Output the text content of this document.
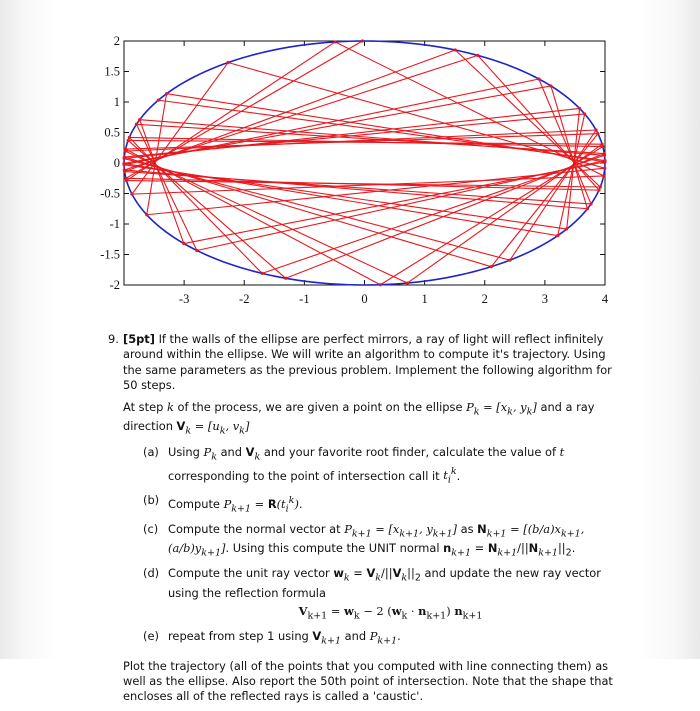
-3	-2	-1	0	1	2	3	4
2
1.5
1
0.5
0
-0.5
-1
-1.5
-2
9. [5pt] If the walls of the ellipse are perfect mirrors, a ray of light will reflect infinitely around within the ellipse. We will write an algorithm to compute it's trajectory. Using the same parameters as the previous problem. Implement the following algorithm for 50 steps.

At step k of the process, we are given a point on the ellipse $P_k = [x_k$, $y_k$] and a ray direction $V_k = [u_k$, $v_k$]

(a) Using $P_k$ and $V_k$ and your favorite root finder, calculate the value of t corresponding to the point of intersection call it $t_i^k$.
(b) Compute $P_{k+1} = R(t_i^k)$.
(c) Compute the normal vector at $P_{k+1} = [x_{k+1}$, $y_{k+1}$] as $N_{k+1} = [(b/a)x_{k+1}$, $(a/b)y_{k+1}$]. Using this compute the UNIT normal $n_{k+1} = N_{k+1}/||N_{k+1}||_2$.
(d) Compute the unit ray vector $w_k = V_k/||V_k||_2$ and update the new ray vector using the reflection formula
$V_{k+1} = w_k - 2$ $(w_k \cdot n_{k+1})$ $n_{k+1}$
(e) repeat from step 1 using $V_{k+1}$ and $P_{k+1}$.

Plot the trajectory (all of the points that you computed with line connecting them) as well as the ellipse. Also report the 50th point of intersection. Note that the shape that encloses all of the reflected rays is called a 'caustic'.
